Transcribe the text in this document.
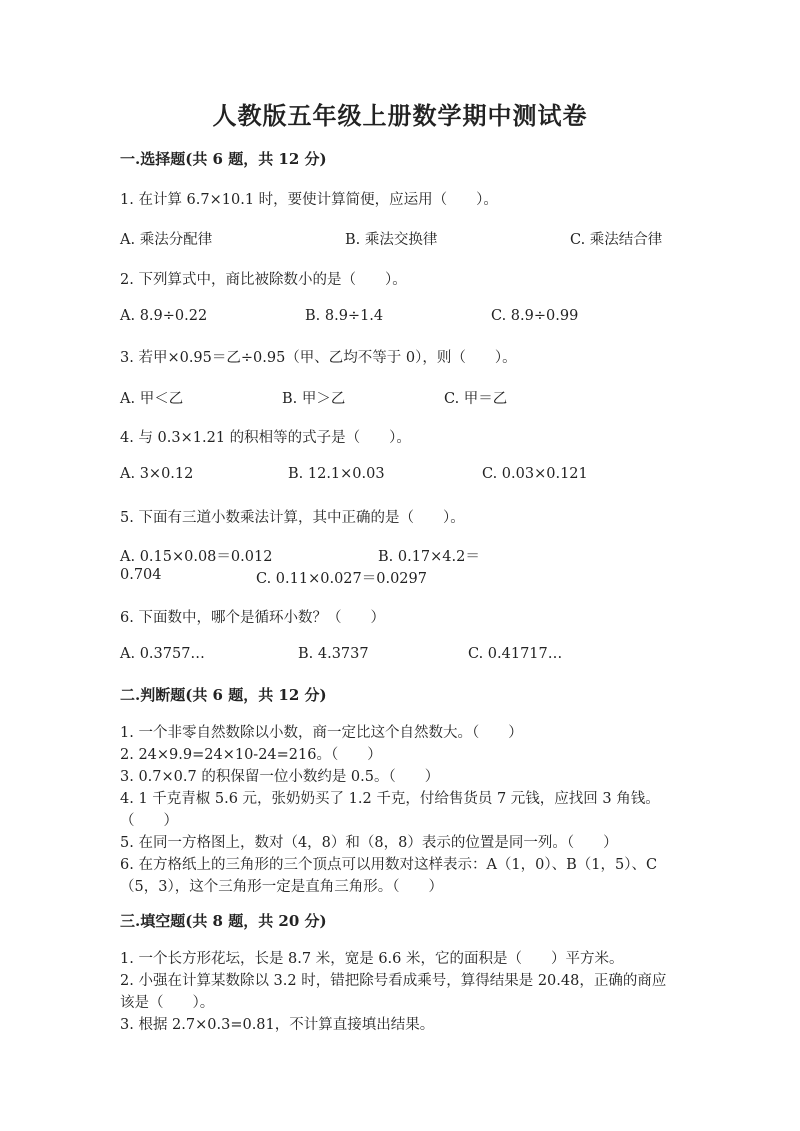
人教版五年级上册数学期中测试卷
一.选择题(共 6 题，共 12 分)
1. 在计算 6.7×10.1 时，要使计算简便，应运用（　　）。
A. 乘法分配律	B. 乘法交换律	C. 乘法结合律
2. 下列算式中，商比被除数小的是（　　）。
A. 8.9÷0.22	B. 8.9÷1.4	C. 8.9÷0.99
3. 若甲×0.95＝乙÷0.95（甲、乙均不等于 0），则（　　）。
A. 甲＜乙	B. 甲＞乙	C. 甲＝乙
4. 与 0.3×1.21 的积相等的式子是（　　）。
A. 3×0.12	B. 12.1×0.03	C. 0.03×0.121
5. 下面有三道小数乘法计算，其中正确的是（　　）。
A. 0.15×0.08＝0.012	B. 0.17×4.2＝
0.704	C. 0.11×0.027＝0.0297
6. 下面数中，哪个是循环小数？（　　）
A. 0.3757…	B. 4.3737	C. 0.41717…
二.判断题(共 6 题，共 12 分)
1. 一个非零自然数除以小数，商一定比这个自然数大。（　　）
2. 24×9.9=24×10-24=216。（　　）
3. 0.7×0.7 的积保留一位小数约是 0.5。（　　）
4. 1 千克青椒 5.6 元，张奶奶买了 1.2 千克，付给售货员 7 元钱，应找回 3 角钱。（　　）
5. 在同一方格图上，数对（4，8）和（8，8）表示的位置是同一列。（　　）
6. 在方格纸上的三角形的三个顶点可以用数对这样表示：A（1，0）、B（1，5）、C（5，3），这个三角形一定是直角三角形。（　　）
三.填空题(共 8 题，共 20 分)
1. 一个长方形花坛，长是 8.7 米，宽是 6.6 米，它的面积是（　　）平方米。
2. 小强在计算某数除以 3.2 时，错把除号看成乘号，算得结果是 20.48，正确的商应该是（　　）。
3. 根据 2.7×0.3=0.81，不计算直接填出结果。
